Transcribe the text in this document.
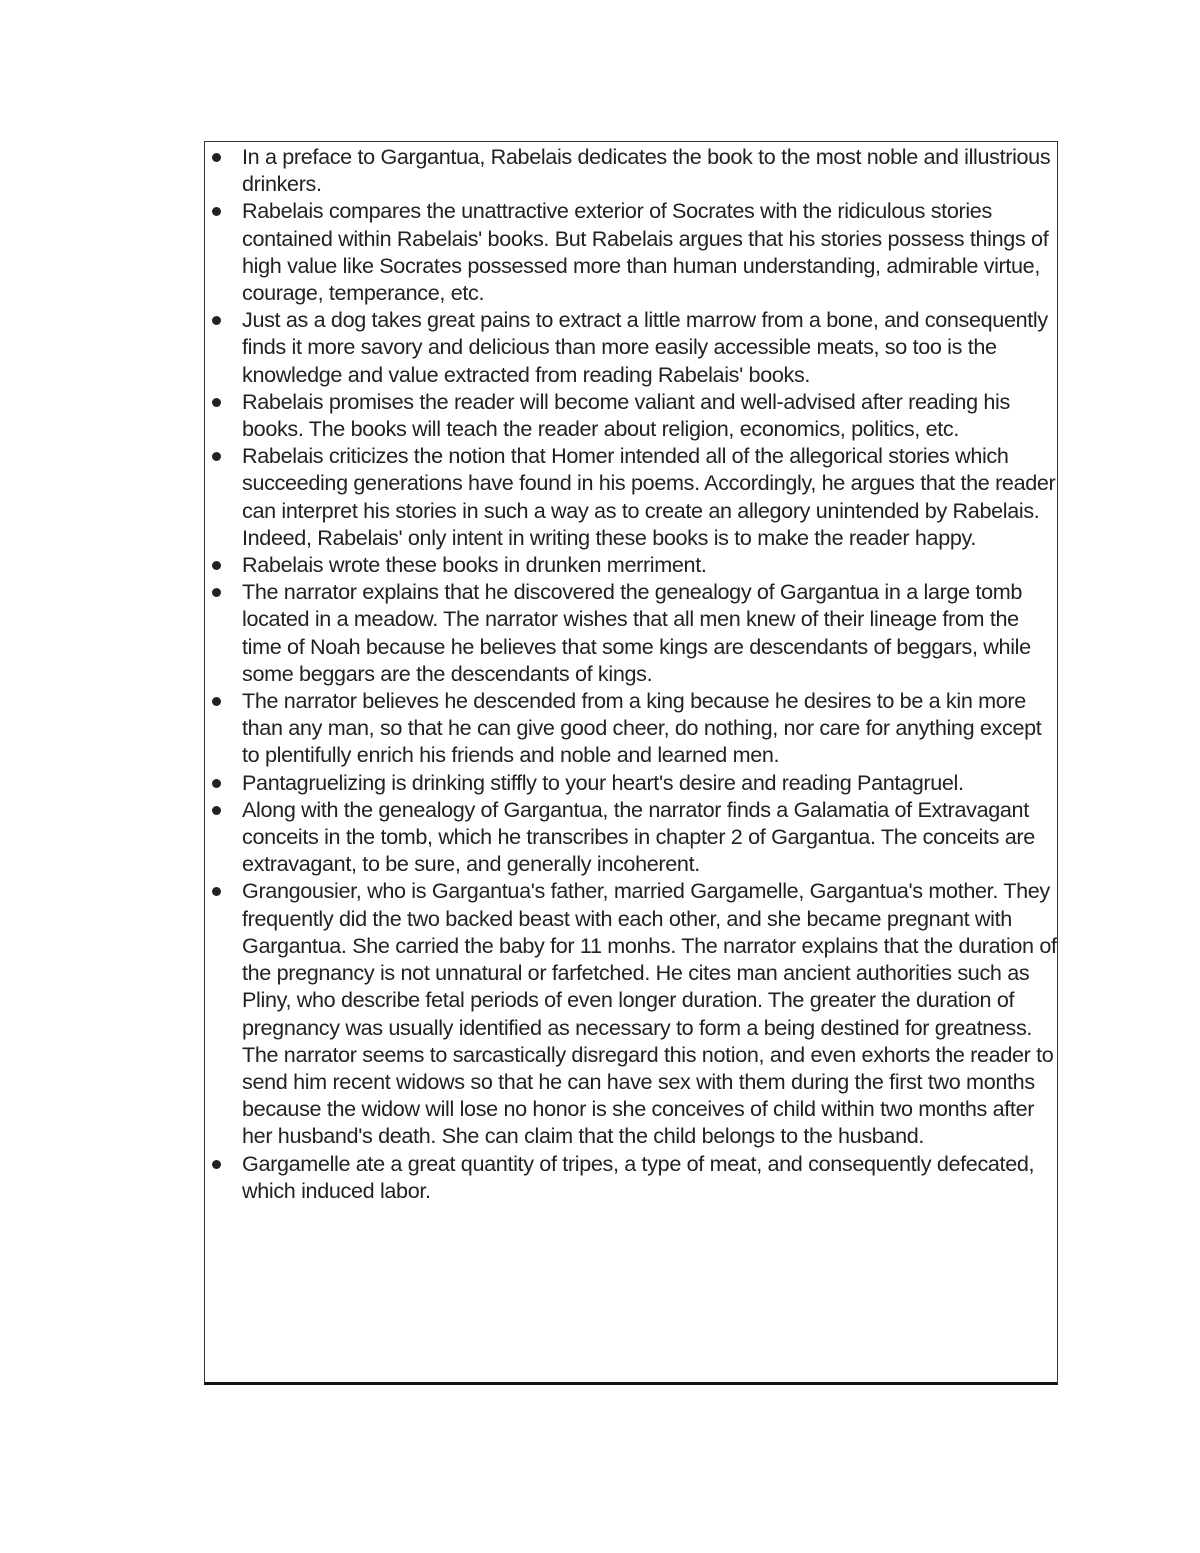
In a preface to Gargantua, Rabelais dedicates the book to the most noble and illustrious drinkers.
Rabelais compares the unattractive exterior of Socrates with the ridiculous stories contained within Rabelais' books. But Rabelais argues that his stories possess things of high value like Socrates possessed more than human understanding, admirable virtue, courage, temperance, etc.
Just as a dog takes great pains to extract a little marrow from a bone, and consequently finds it more savory and delicious than more easily accessible meats, so too is the knowledge and value extracted from reading Rabelais' books.
Rabelais promises the reader will become valiant and well-advised after reading his books. The books will teach the reader about religion, economics, politics, etc.
Rabelais criticizes the notion that Homer intended all of the allegorical stories which succeeding generations have found in his poems. Accordingly, he argues that the reader can interpret his stories in such a way as to create an allegory unintended by Rabelais. Indeed, Rabelais' only intent in writing these books is to make the reader happy.
Rabelais wrote these books in drunken merriment.
The narrator explains that he discovered the genealogy of Gargantua in a large tomb located in a meadow. The narrator wishes that all men knew of their lineage from the time of Noah because he believes that some kings are descendants of beggars, while some beggars are the descendants of kings.
The narrator believes he descended from a king because he desires to be a kin more than any man, so that he can give good cheer, do nothing, nor care for anything except to plentifully enrich his friends and noble and learned men.
Pantagruelizing is drinking stiffly to your heart's desire and reading Pantagruel.
Along with the genealogy of Gargantua, the narrator finds a Galamatia of Extravagant conceits in the tomb, which he transcribes in chapter 2 of Gargantua. The conceits are extravagant, to be sure, and generally incoherent.
Grangousier, who is Gargantua's father, married Gargamelle, Gargantua's mother. They frequently did the two backed beast with each other, and she became pregnant with Gargantua. She carried the baby for 11 monhs. The narrator explains that the duration of the pregnancy is not unnatural or farfetched. He cites man ancient authorities such as Pliny, who describe fetal periods of even longer duration. The greater the duration of pregnancy was usually identified as necessary to form a being destined for greatness. The narrator seems to sarcastically disregard this notion, and even exhorts the reader to send him recent widows so that he can have sex with them during the first two months because the widow will lose no honor is she conceives of child within two months after her husband's death. She can claim that the child belongs to the husband.
Gargamelle ate a great quantity of tripes, a type of meat, and consequently defecated, which induced labor.
